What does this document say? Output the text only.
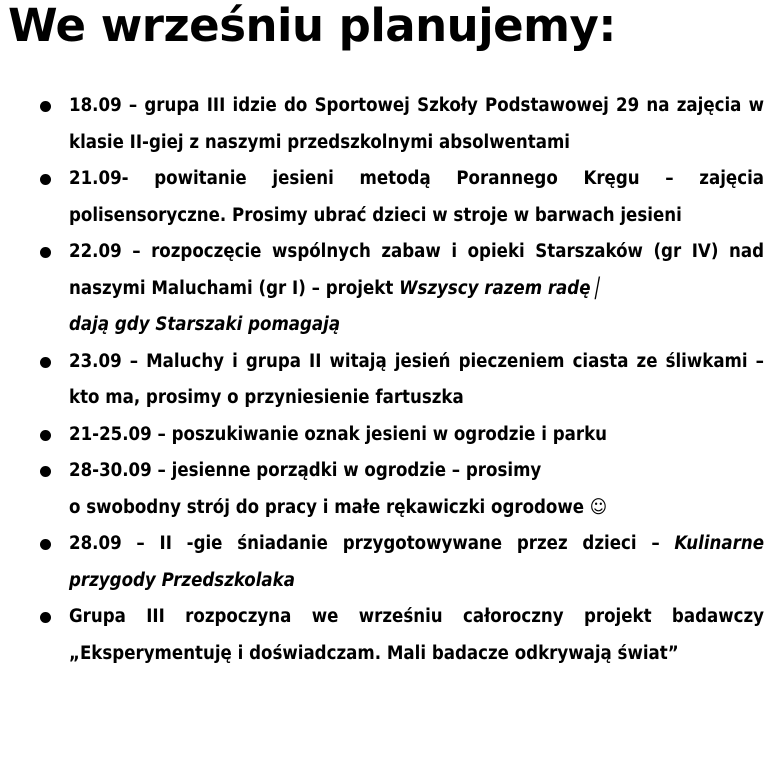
We wrześniu planujemy:
18.09 – grupa III idzie do Sportowej Szkoły Podstawowej 29 na zajęcia w klasie II-giej z naszymi przedszkolnymi absolwentami
21.09- powitanie jesieni metodą Porannego Kręgu – zajęcia polisensoryczne. Prosimy ubrać dzieci w stroje w barwach jesieni
22.09 – rozpoczęcie wspólnych zabaw i opieki Starszaków (gr IV) nad naszymi Maluchami (gr I) – projekt Wszyscy razem radę /
dają gdy Starszaki pomagają
23.09 – Maluchy i grupa II witają jesień pieczeniem ciasta ze śliwkami – kto ma, prosimy o przyniesienie fartuszka
21-25.09 – poszukiwanie oznak jesieni w ogrodzie i parku
28-30.09 – jesienne porządki w ogrodzie – prosimy
o swobodny strój do pracy i małe rękawiczki ogrodowe ☺
28.09 – II -gie śniadanie przygotowywane przez dzieci – Kulinarne przygody Przedszkolaka
Grupa III rozpoczyna we wrześniu całoroczny projekt badawczy „Eksperymentuję i doświadczam. Mali badacze odkrywają świat”
